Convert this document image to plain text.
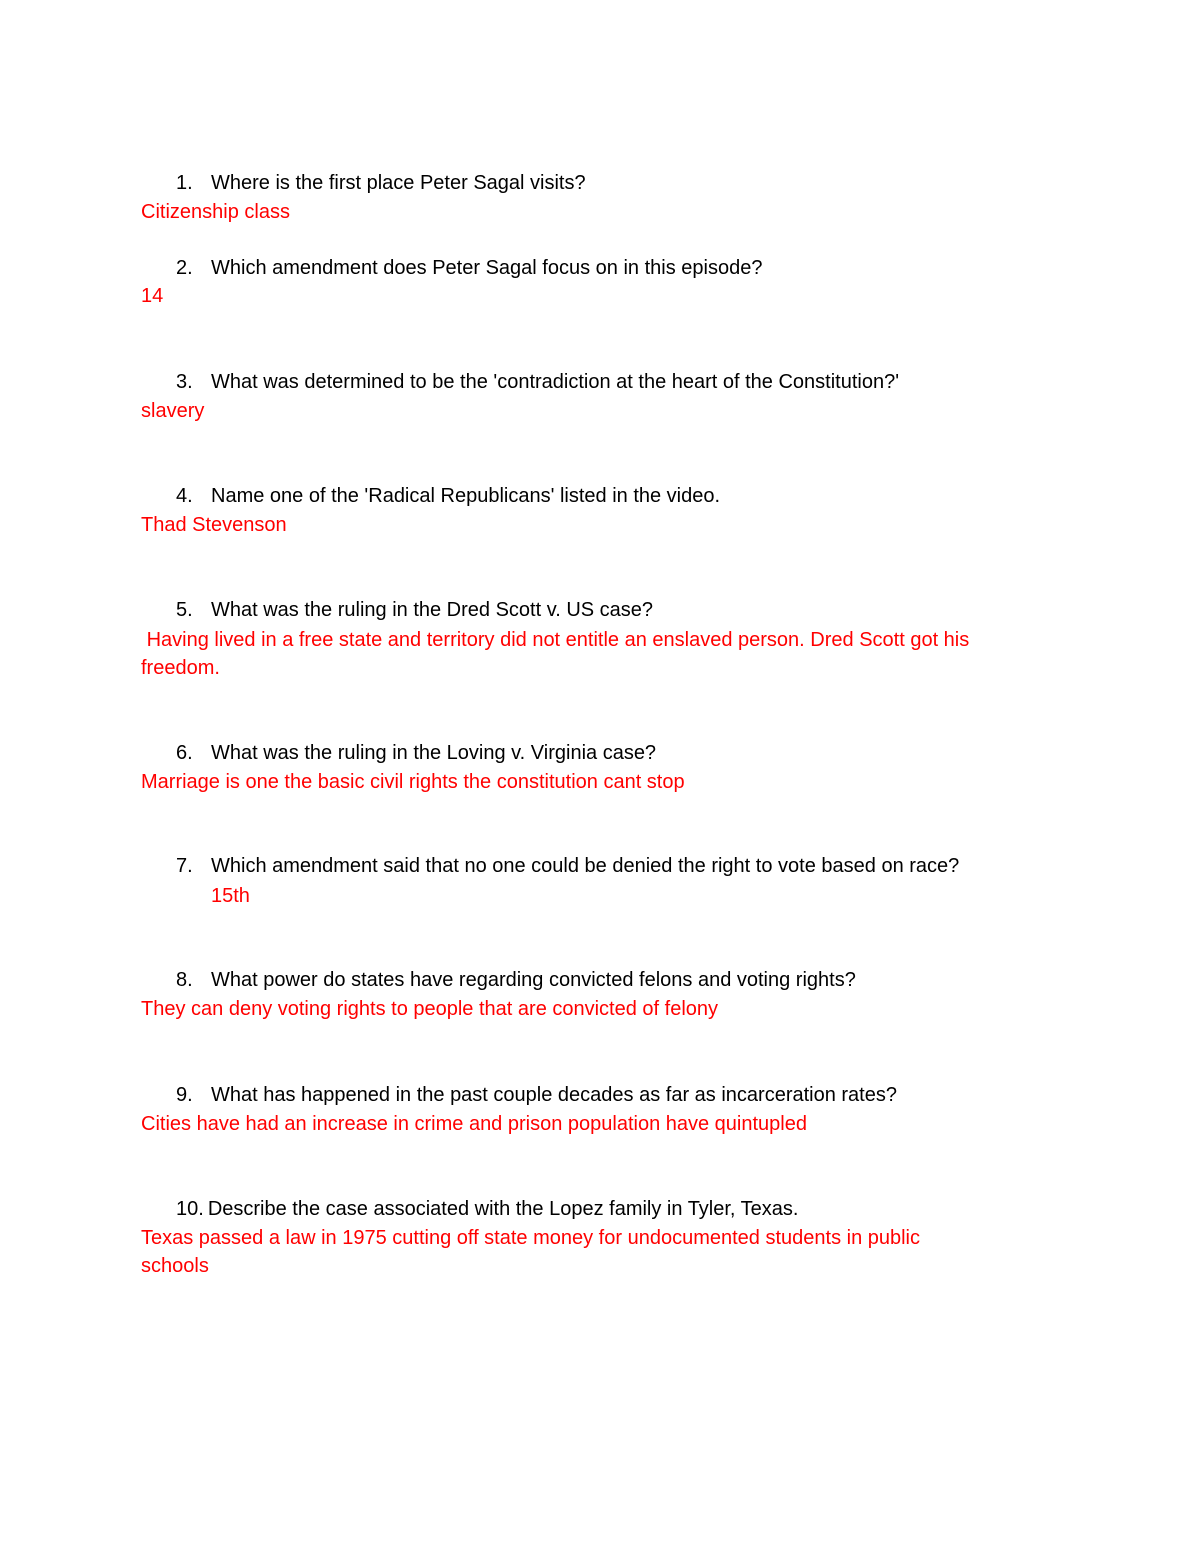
1. Where is the first place Peter Sagal visits?
Citizenship class
2. Which amendment does Peter Sagal focus on in this episode?
14
3. What was determined to be the 'contradiction at the heart of the Constitution?'
slavery
4. Name one of the 'Radical Republicans' listed in the video.
Thad Stevenson
5. What was the ruling in the Dred Scott v. US case?
Having lived in a free state and territory did not entitle an enslaved person. Dred Scott got his freedom.
6. What was the ruling in the Loving v. Virginia case?
Marriage is one the basic civil rights the constitution cant stop
7. Which amendment said that no one could be denied the right to vote based on race?
15th
8. What power do states have regarding convicted felons and voting rights?
They can deny voting rights to people that are convicted of felony
9. What has happened in the past couple decades as far as incarceration rates?
Cities have had an increase in crime and prison population have quintupled
10. Describe the case associated with the Lopez family in Tyler, Texas.
Texas passed a law in 1975 cutting off state money for undocumented students in public schools
